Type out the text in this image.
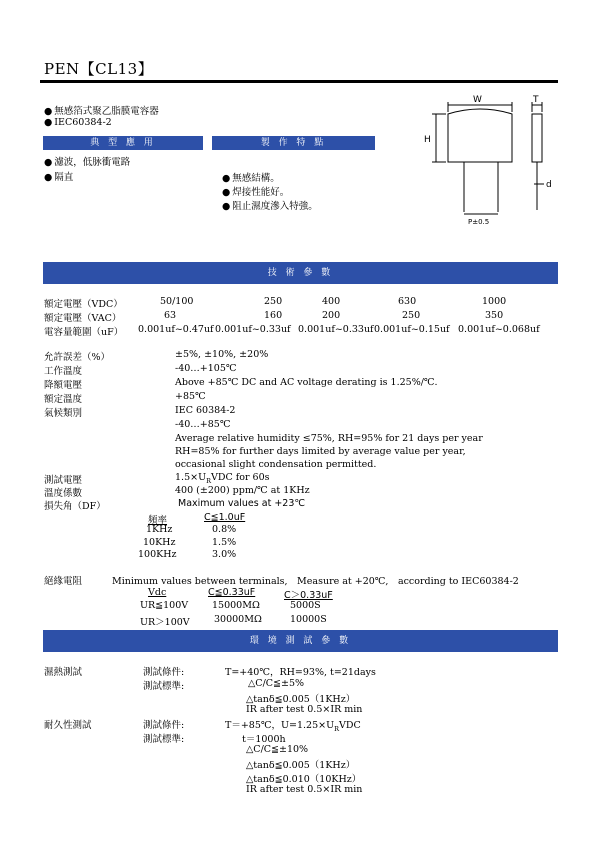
PEN【CL13】
● 無感箔式聚乙脂膜電容器
● IEC60384-2
典 型 應 用	製 作 特 點
● 濾波，低脉衝電路
● 隔直
●	無感結構。
● 焊接性能好。
● 阻止濕度滲入特強。
W	T
H
d
P±0.5
技 術 參 數
額定電壓（VDC）	50/100	250	400	630	1000
額定電壓（VAC）	63	160	200	250	350
電容量範圍（uF） 0.001uf~0.47uf 0.001uf~0.33uf 0.001uf~0.33uf 0.001uf~0.15uf 0.001uf~0.068uf
允許誤差（%）	±5%, ±10%, ±20%
工作溫度	-40…+105℃
降額電壓	Above +85℃ DC and AC voltage derating is 1.25%/℃.
額定溫度	+85℃
氣候類別	IEC 60384-2
-40…+85℃
Average relative humidity ≤75%, RH=95% for 21 days per year
RH=85% for further days limited by average value per year,
occasional slight condensation permitted.
測試電壓	$1.5\times U_RVDC$ for 60s
溫度係數	400 (±200) ppm/℃ at 1KHz
損失角（DF）	Maximum values at +23℃
頻率	C≦1.0uF
1KHz	0.8%
10KHz	1.5%
100KHz	3.0%
絕緣電阻	Minimum values between terminals,　Measure at +20℃,　according to IEC60384-2
Vdc	C≦0.33uF	C＞0.33uF
UR≦100V	15000MΩ	5000S
UR＞100V	30000MΩ	10000S
環 境 測 試 參 數
濕熱測試	測試條件:	T=+40℃，RH=93%, t=21days
測試標準:	△C/C≦±5%
△tanδ≦0.005（1KHz）
IR after test 0.5×IR min
耐久性測試	測試條件:	T＝+85℃，$U=1.25\times U_RVDC$
測試標準:	t＝1000h
△C/C≦±10%
△tanδ≦0.005（1KHz）
△tanδ≦0.010（10KHz）
IR after test 0.5×IR min
